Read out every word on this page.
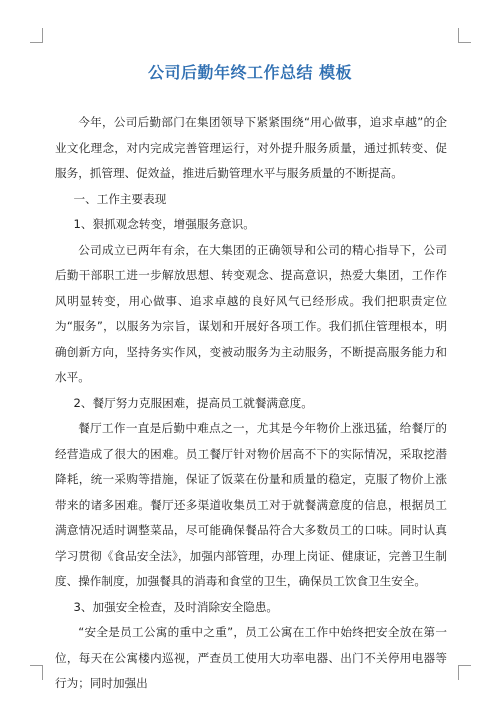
公司后勤年终工作总结 模板

今年，公司后勤部门在集团领导下紧紧围绕“用心做事，追求卓越”的企业文化理念，对内完成完善管理运行，对外提升服务质量，通过抓转变、促服务，抓管理、促效益，推进后勤管理水平与服务质量的不断提高。

一、工作主要表现

1、狠抓观念转变，增强服务意识。

公司成立已两年有余，在大集团的正确领导和公司的精心指导下，公司后勤干部职工进一步解放思想、转变观念、提高意识，热爱大集团，工作作风明显转变，用心做事、追求卓越的良好风气已经形成。我们把职责定位为“服务”，以服务为宗旨，谋划和开展好各项工作。我们抓住管理根本，明确创新方向，坚持务实作风，变被动服务为主动服务，不断提高服务能力和水平。

2、餐厅努力克服困难，提高员工就餐满意度。

餐厅工作一直是后勤中难点之一，尤其是今年物价上涨迅猛，给餐厅的经营造成了很大的困难。员工餐厅针对物价居高不下的实际情况，采取挖潜降耗，统一采购等措施，保证了饭菜在份量和质量的稳定，克服了物价上涨带来的诸多困难。餐厅还多渠道收集员工对于就餐满意度的信息，根据员工满意情况适时调整菜品，尽可能确保餐品符合大多数员工的口味。同时认真学习贯彻《食品安全法》，加强内部管理，办理上岗证、健康证，完善卫生制度、操作制度，加强餐具的消毒和食堂的卫生，确保员工饮食卫生安全。

3、加强安全检查，及时消除安全隐患。

“安全是员工公寓的重中之重”，员工公寓在工作中始终把安全放在第一位，每天在公寓楼内巡视，严查员工使用大功率电器、出门不关停用电器等行为；同时加强出
